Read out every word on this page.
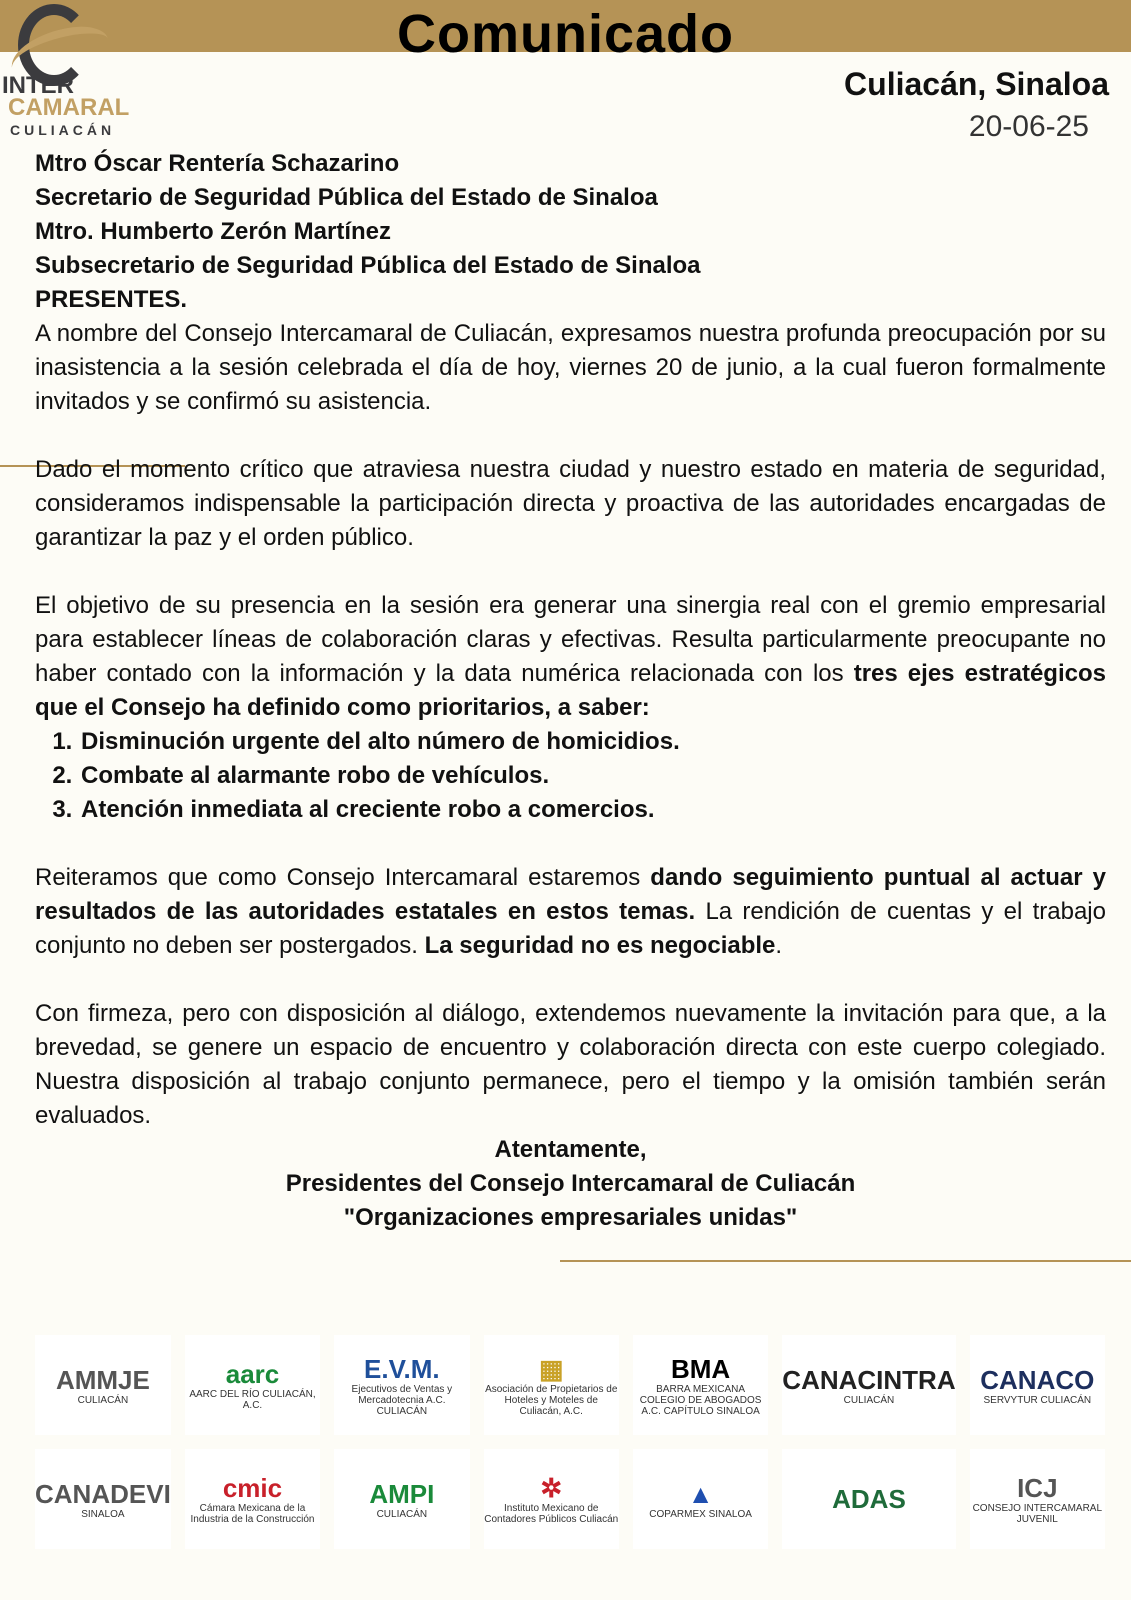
Comunicado
INTER
CAMARAL
CULIACÁN
Culiacán, Sinaloa
20-06-25
Mtro Óscar Rentería Schazarino
Secretario de Seguridad Pública del Estado de Sinaloa
Mtro. Humberto Zerón Martínez
Subsecretario de Seguridad Pública del Estado de Sinaloa
PRESENTES.

A nombre del Consejo Intercamaral de Culiacán, expresamos nuestra profunda preocupación por su inasistencia a la sesión celebrada el día de hoy, viernes 20 de junio, a la cual fueron formalmente invitados y se confirmó su asistencia.

Dado el momento crítico que atraviesa nuestra ciudad y nuestro estado en materia de seguridad, consideramos indispensable la participación directa y proactiva de las autoridades encargadas de garantizar la paz y el orden público.

El objetivo de su presencia en la sesión era generar una sinergia real con el gremio empresarial para establecer líneas de colaboración claras y efectivas. Resulta particularmente preocupante no haber contado con la información y la data numérica relacionada con los tres ejes estratégicos que el Consejo ha definido como prioritarios, a saber:

1. Disminución urgente del alto número de homicidios.
2. Combate al alarmante robo de vehículos.
3. Atención inmediata al creciente robo a comercios.

Reiteramos que como Consejo Intercamaral estaremos dando seguimiento puntual al actuar y resultados de las autoridades estatales en estos temas. La rendición de cuentas y el trabajo conjunto no deben ser postergados. La seguridad no es negociable.

Con firmeza, pero con disposición al diálogo, extendemos nuevamente la invitación para que, a la brevedad, se genere un espacio de encuentro y colaboración directa con este cuerpo colegiado. Nuestra disposición al trabajo conjunto permanece, pero el tiempo y la omisión también serán evaluados.

Atentamente,

Presidentes del Consejo Intercamaral de Culiacán

"Organizaciones empresariales unidas"

AMMJE
CULIACÁN
aarc
AARC DEL RÍO CULIACÁN, A.C.
E.V.M.
Ejecutivos de Ventas y Mercadotecnia A.C. CULIACÁN
▦
Asociación de Propietarios de Hoteles y Moteles de Culiacán, A.C.
BMA
BARRA MEXICANA COLEGIO DE ABOGADOS A.C. CAPÍTULO SINALOA
CANACINTRA
CULIACÁN
CANACO
SERVYTUR CULIACÁN
CANADEVI
SINALOA
cmic
Cámara Mexicana de la Industria de la Construcción
AMPI
CULIACÁN
✲
Instituto Mexicano de Contadores Públicos Culiacán
▲
COPARMEX SINALOA	ADAS	ICJ
CONSEJO INTERCAMARAL JUVENIL
